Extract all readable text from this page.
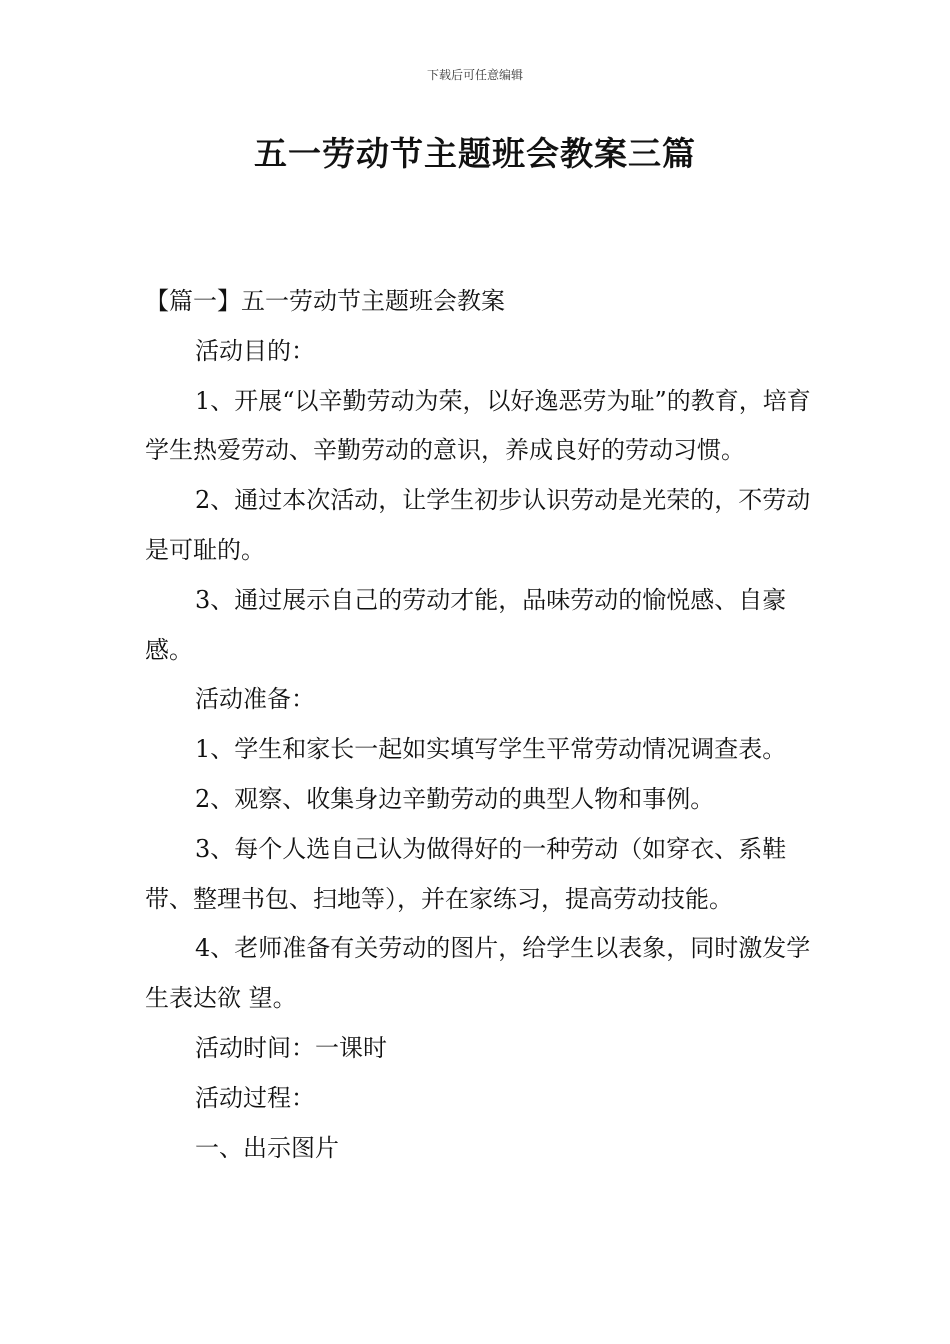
下载后可任意编辑
五一劳动节主题班会教案三篇

【篇一】五一劳动节主题班会教案

活动目的：

1、开展“以辛勤劳动为荣，以好逸恶劳为耻”的教育，培育学生热爱劳动、辛勤劳动的意识，养成良好的劳动习惯。

2、通过本次活动，让学生初步认识劳动是光荣的，不劳动是可耻的。

3、通过展示自己的劳动才能，品味劳动的愉悦感、自豪感。

活动准备：

1、学生和家长一起如实填写学生平常劳动情况调查表。

2、观察、收集身边辛勤劳动的典型人物和事例。

3、每个人选自己认为做得好的一种劳动（如穿衣、系鞋带、整理书包、扫地等），并在家练习，提高劳动技能。

4、老师准备有关劳动的图片，给学生以表象，同时激发学生表达欲 望。

活动时间：一课时

活动过程：

一、出示图片
